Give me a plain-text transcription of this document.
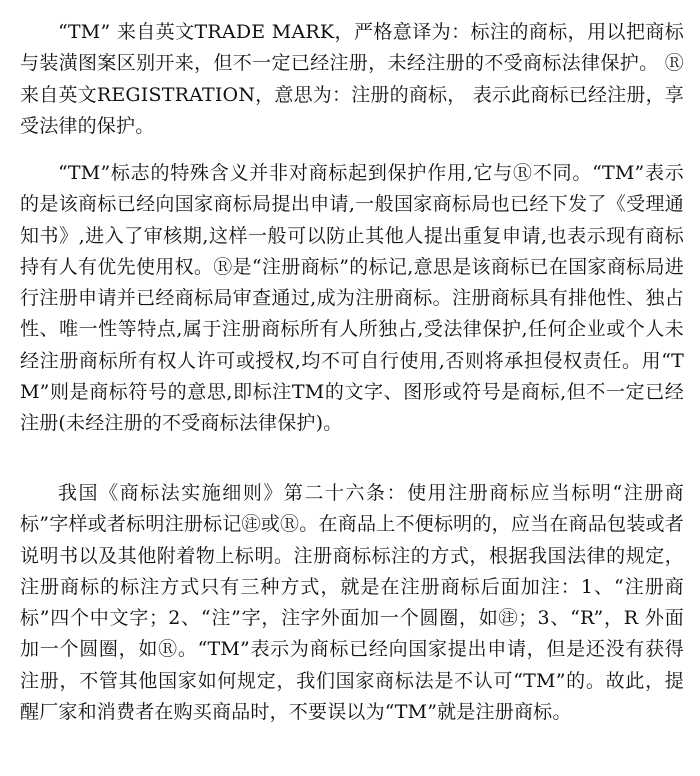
“TM” 来自英文TRADE MARK，严格意译为：标注的商标，用以把商标与装潢图案区别开来，但不一定已经注册，未经注册的不受商标法律保护。 Ⓡ来自英文REGISTRATION，意思为：注册的商标， 表示此商标已经注册，享受法律的保护。

“TM”标志的特殊含义并非对商标起到保护作用,它与Ⓡ不同。“TM”表示的是该商标已经向国家商标局提出申请,一般国家商标局也已经下发了《受理通知书》,进入了审核期,这样一般可以防止其他人提出重复申请,也表示现有商标持有人有优先使用权。Ⓡ是“注册商标”的标记,意思是该商标已在国家商标局进行注册申请并已经商标局审查通过,成为注册商标。注册商标具有排他性、独占性、唯一性等特点,属于注册商标所有人所独占,受法律保护,任何企业或个人未经注册商标所有权人许可或授权,均不可自行使用,否则将承担侵权责任。用“TM”则是商标符号的意思,即标注TM的文字、图形或符号是商标,但不一定已经注册(未经注册的不受商标法律保护)。

我国《商标法实施细则》第二十六条：使用注册商标应当标明“注册商标”字样或者标明注册标记㊟或Ⓡ。在商品上不便标明的，应当在商品包装或者说明书以及其他附着物上标明。注册商标标注的方式，根据我国法律的规定，注册商标的标注方式只有三种方式，就是在注册商标后面加注：1、“注册商标”四个中文字；2、“注”字，注字外面加一个圆圈，如㊟；3、“R”，R 外面加一个圆圈，如Ⓡ。“TM”表示为商标已经向国家提出申请，但是还没有获得注册，不管其他国家如何规定，我们国家商标法是不认可“TM”的。故此，提醒厂家和消费者在购买商品时，不要误以为“TM”就是注册商标。
